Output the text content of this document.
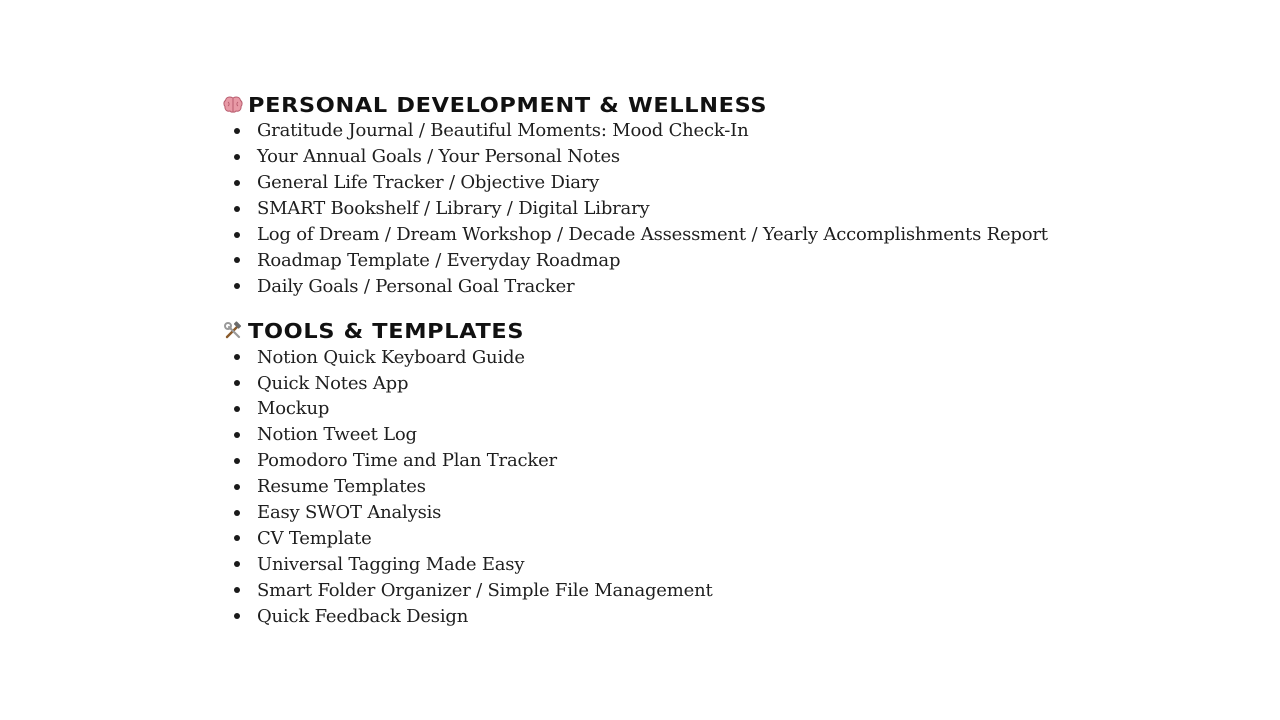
PERSONAL DEVELOPMENT & WELLNESS
Gratitude Journal / Beautiful Moments: Mood Check-In
Your Annual Goals / Your Personal Notes
General Life Tracker / Objective Diary
SMART Bookshelf / Library / Digital Library
Log of Dream / Dream Workshop / Decade Assessment / Yearly Accomplishments Report
Roadmap Template / Everyday Roadmap
Daily Goals / Personal Goal Tracker
TOOLS & TEMPLATES
Notion Quick Keyboard Guide
Quick Notes App
Mockup
Notion Tweet Log
Pomodoro Time and Plan Tracker
Resume Templates
Easy SWOT Analysis
CV Template
Universal Tagging Made Easy
Smart Folder Organizer / Simple File Management
Quick Feedback Design
